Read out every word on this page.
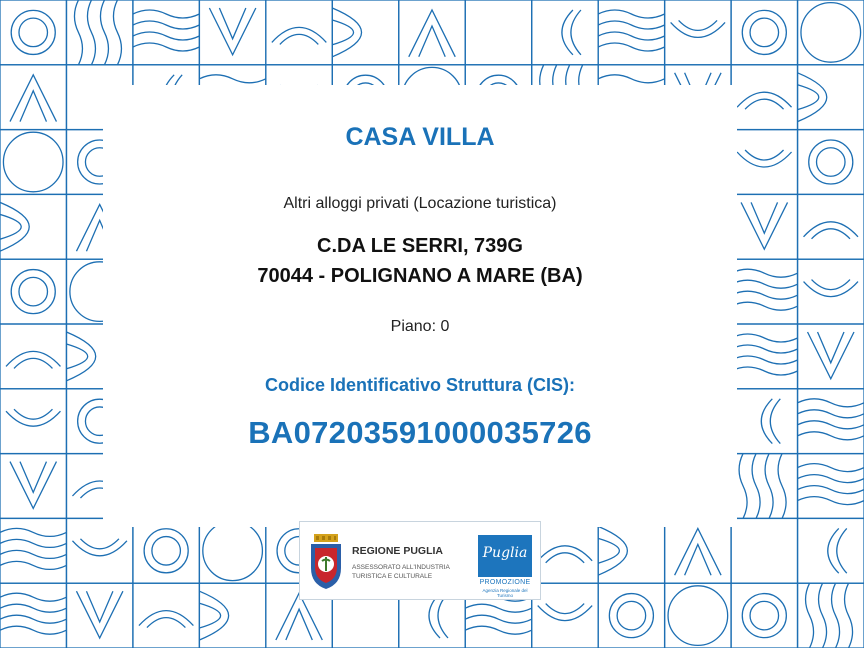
CASA VILLA
Altri alloggi privati (Locazione turistica)
C.DA LE SERRI, 739G
70044 - POLIGNANO A MARE (BA)
Piano: 0
Codice Identificativo Struttura (CIS):
BA07203591000035726
REGIONE PUGLIA
ASSESSORATO ALL'INDUSTRIA TURISTICA E CULTURALE
Puglia
PROMOZIONE
Agenzia Regionale del Turismo
